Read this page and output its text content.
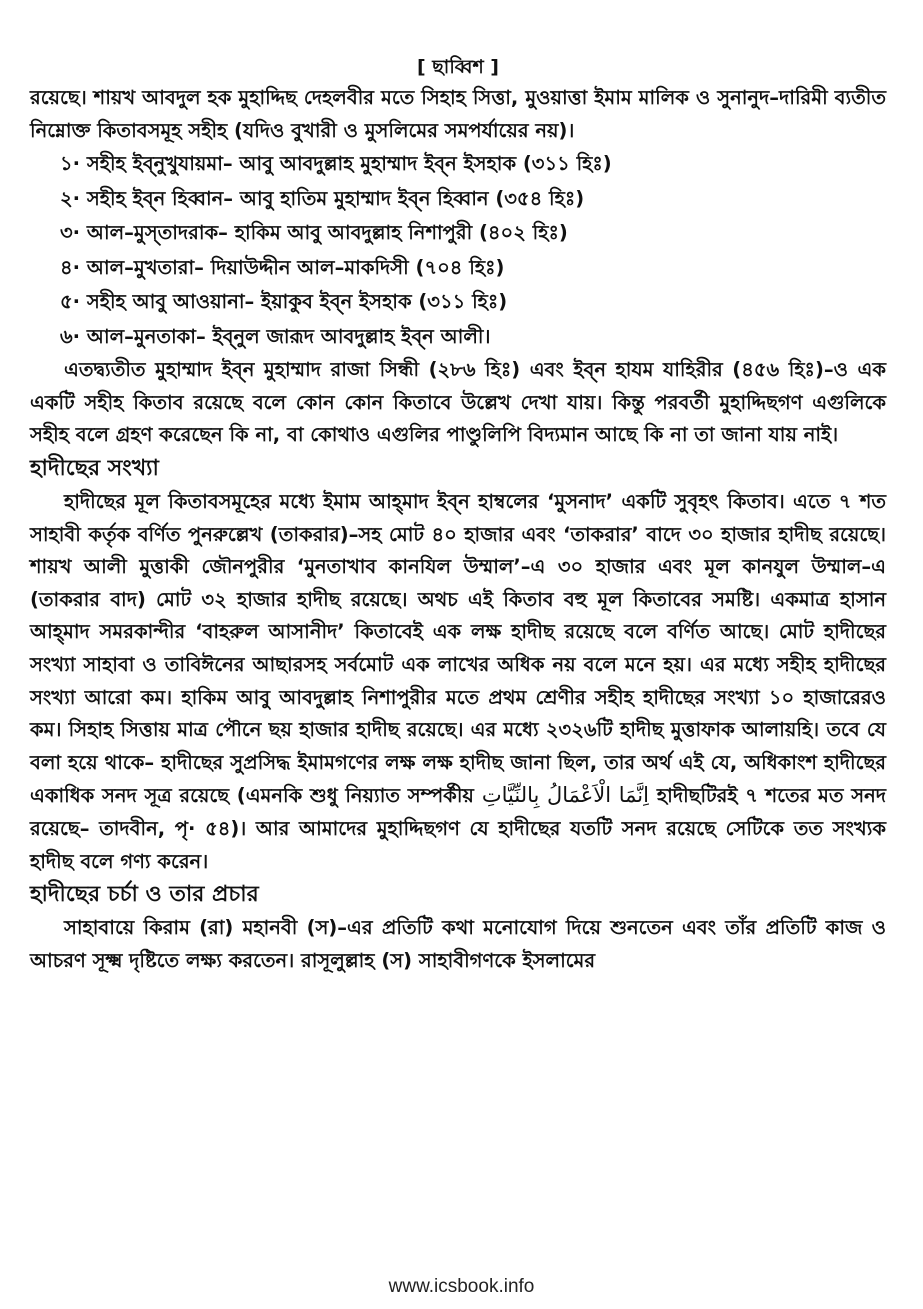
[ ছাব্বিশ ]

রয়েছে। শায়খ আবদুল হক মুহাদ্দিছ দেহলবীর মতে সিহাহ সিত্তা, মুওয়াত্তা ইমাম মালিক ও সুনানুদ–দারিমী ব্যতীত নিম্নোক্ত কিতাবসমূহ সহীহ (যদিও বুখারী ও মুসলিমের সমপর্যায়ের নয়)।

১· সহীহ ইব্‌নুখুযায়মা– আবু আবদুল্লাহ মুহাম্মাদ ইব্‌ন ইসহাক (৩১১ হিঃ)
২· সহীহ ইব্‌ন হিব্বান– আবু হাতিম মুহাম্মাদ ইব্‌ন হিব্বান (৩৫৪ হিঃ)
৩· আল–মুস্‌তাদরাক– হাকিম আবু আবদুল্লাহ নিশাপুরী (৪০২ হিঃ)
৪· আল–মুখতারা– দিয়াউদ্দীন আল–মাকদিসী (৭০৪ হিঃ)
৫· সহীহ আবু আওয়ানা– ইয়াকুব ইব্‌ন ইসহাক (৩১১ হিঃ)
৬· আল–মুনতাকা– ইব্‌নুল জারূদ আবদুল্লাহ ইব্‌ন আলী।

এতদ্ব্যতীত মুহাম্মাদ ইব্‌ন মুহাম্মাদ রাজা সিন্ধী (২৮৬ হিঃ) এবং ইব্‌ন হাযম যাহিরীর (৪৫৬ হিঃ)–ও এক একটি সহীহ কিতাব রয়েছে বলে কোন কোন কিতাবে উল্লেখ দেখা যায়। কিন্তু পরবর্তী মুহাদ্দিছগণ এগুলিকে সহীহ বলে গ্রহণ করেছেন কি না, বা কোথাও এগুলির পাণ্ডুলিপি বিদ্যমান আছে কি না তা জানা যায় নাই।

হাদীছের সংখ্যা

হাদীছের মূল কিতাবসমূহের মধ্যে ইমাম আহ্‌মাদ ইব্‌ন হাম্বলের ‘মুসনাদ’ একটি সুবৃহৎ কিতাব। এতে ৭ শত সাহাবী কর্তৃক বর্ণিত পুনরুল্লেখ (তাকরার)–সহ মোট ৪০ হাজার এবং ‘তাকরার’ বাদে ৩০ হাজার হাদীছ রয়েছে। শায়খ আলী মুত্তাকী জৌনপুরীর ‘মুনতাখাব কানযিল উম্মাল’–এ ৩০ হাজার এবং মূল কানযুল উম্মাল–এ (তাকরার বাদ) মোট ৩২ হাজার হাদীছ রয়েছে। অথচ এই কিতাব বহু মূল কিতাবের সমষ্টি। একমাত্র হাসান আহ্‌মাদ সমরকান্দীর ‘বাহরুল আসানীদ’ কিতাবেই এক লক্ষ হাদীছ রয়েছে বলে বর্ণিত আছে। মোট হাদীছের সংখ্যা সাহাবা ও তাবিঈনের আছারসহ সর্বমোট এক লাখের অধিক নয় বলে মনে হয়। এর মধ্যে সহীহ হাদীছের সংখ্যা আরো কম। হাকিম আবু আবদুল্লাহ নিশাপুরীর মতে প্রথম শ্রেণীর সহীহ হাদীছের সংখ্যা ১০ হাজারেরও কম। সিহাহ সিত্তায় মাত্র পৌনে ছয় হাজার হাদীছ রয়েছে। এর মধ্যে ২৩২৬টি হাদীছ মুত্তাফাক আলায়হি। তবে যে বলা হয়ে থাকে– হাদীছের সুপ্রসিদ্ধ ইমামগণের লক্ষ লক্ষ হাদীছ জানা ছিল, তার অর্থ এই যে, অধিকাংশ হাদীছের একাধিক সনদ সূত্র রয়েছে (এমনকি শুধু নিয়্যাত সম্পর্কীয় اِنَّمَا الْاَعْمَالُ بِالنِّيَّاتِ হাদীছটিরই ৭ শতের মত সনদ রয়েছে– তাদবীন, পৃ· ৫৪)। আর আমাদের মুহাদ্দিছগণ যে হাদীছের যতটি সনদ রয়েছে সেটিকে তত সংখ্যক হাদীছ বলে গণ্য করেন।

হাদীছের চর্চা ও তার প্রচার

সাহাবায়ে কিরাম (রা) মহানবী (স)–এর প্রতিটি কথা মনোযোগ দিয়ে শুনতেন এবং তাঁর প্রতিটি কাজ ও আচরণ সূক্ষ্ম দৃষ্টিতে লক্ষ্য করতেন। রাসূলুল্লাহ (স) সাহাবীগণকে ইসলামের

www.icsbook.info
